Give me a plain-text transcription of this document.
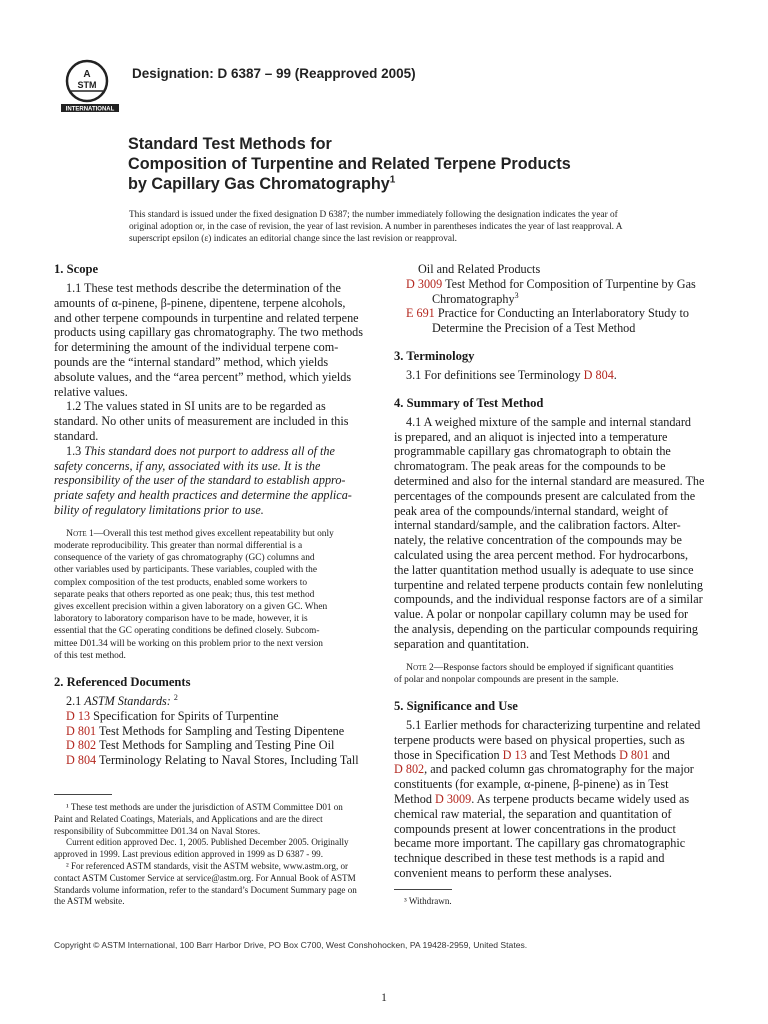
A
STM
INTERNATIONAL
Designation: D 6387 – 99 (Reapproved 2005)
Standard Test Methods for
Composition of Turpentine and Related Terpene Products
by Capillary Gas Chromatography$^1$
This standard is issued under the fixed designation D 6387; the number immediately following the designation indicates the year of
original adoption or, in the case of revision, the year of last revision. A number in parentheses indicates the year of last reapproval. A
superscript epsilon (ε) indicates an editorial change since the last revision or reapproval.
1. Scope
1.1 These test methods describe the determination of the
amounts of α-pinene, β-pinene, dipentene, terpene alcohols,
and other terpene compounds in turpentine and related terpene
products using capillary gas chromatography. The two methods
for determining the amount of the individual terpene com-
pounds are the “internal standard” method, which yields
absolute values, and the “area percent” method, which yields
relative values.
1.2 The values stated in SI units are to be regarded as
standard. No other units of measurement are included in this
standard.
1.3 This standard does not purport to address all of the
safety concerns, if any, associated with its use. It is the
responsibility of the user of the standard to establish appro-
priate safety and health practices and determine the applica-
bility of regulatory limitations prior to use.
Note 1—Overall this test method gives excellent repeatability but only
moderate reproducibility. This greater than normal differential is a
consequence of the variety of gas chromatography (GC) columns and
other variables used by participants. These variables, coupled with the
complex composition of the test products, enabled some workers to
separate peaks that others reported as one peak; thus, this test method
gives excellent precision within a given laboratory on a given GC. When
laboratory to laboratory comparison have to be made, however, it is
essential that the GC operating conditions be defined closely. Subcom-
mittee D01.34 will be working on this problem prior to the next version
of this test method.
2. Referenced Documents
2.1 ASTM Standards: $^2$
D 13 Specification for Spirits of Turpentine
D 801 Test Methods for Sampling and Testing Dipentene
D 802 Test Methods for Sampling and Testing Pine Oil
D 804 Terminology Relating to Naval Stores, Including Tall
¹ These test methods are under the jurisdiction of ASTM Committee D01 on
Paint and Related Coatings, Materials, and Applications and are the direct
responsibility of Subcommittee D01.34 on Naval Stores.
Current edition approved Dec. 1, 2005. Published December 2005. Originally
approved in 1999. Last previous edition approved in 1999 as D 6387 - 99.
² For referenced ASTM standards, visit the ASTM website, www.astm.org, or
contact ASTM Customer Service at service@astm.org. For Annual Book of ASTM
Standards volume information, refer to the standard’s Document Summary page on
the ASTM website.
Oil and Related Products
D 3009 Test Method for Composition of Turpentine by Gas
Chromatography$^3$
E 691 Practice for Conducting an Interlaboratory Study to
Determine the Precision of a Test Method
3. Terminology
3.1 For definitions see Terminology D 804.
4. Summary of Test Method
4.1 A weighed mixture of the sample and internal standard
is prepared, and an aliquot is injected into a temperature
programmable capillary gas chromatograph to obtain the
chromatogram. The peak areas for the compounds to be
determined and also for the internal standard are measured. The
percentages of the compounds present are calculated from the
peak area of the compounds/internal standard, weight of
internal standard/sample, and the calibration factors. Alter-
nately, the relative concentration of the compounds may be
calculated using the area percent method. For hydrocarbons,
the latter quantitation method usually is adequate to use since
turpentine and related terpene products contain few nonleluting
compounds, and the individual response factors are of a similar
value. A polar or nonpolar capillary column may be used for
the analysis, depending on the particular compounds requiring
separation and quantitation.
Note 2—Response factors should be employed if significant quantities
of polar and nonpolar compounds are present in the sample.
5. Significance and Use
5.1 Earlier methods for characterizing turpentine and related
terpene products were based on physical properties, such as
those in Specification D 13 and Test Methods D 801 and
D 802, and packed column gas chromatography for the major
constituents (for example, α-pinene, β-pinene) as in Test
Method D 3009. As terpene products became widely used as
chemical raw material, the separation and quantitation of
compounds present at lower concentrations in the product
became more important. The capillary gas chromatographic
technique described in these test methods is a rapid and
convenient means to perform these analyses.
³ Withdrawn.
Copyright © ASTM International, 100 Barr Harbor Drive, PO Box C700, West Conshohocken, PA 19428-2959, United States.
1
